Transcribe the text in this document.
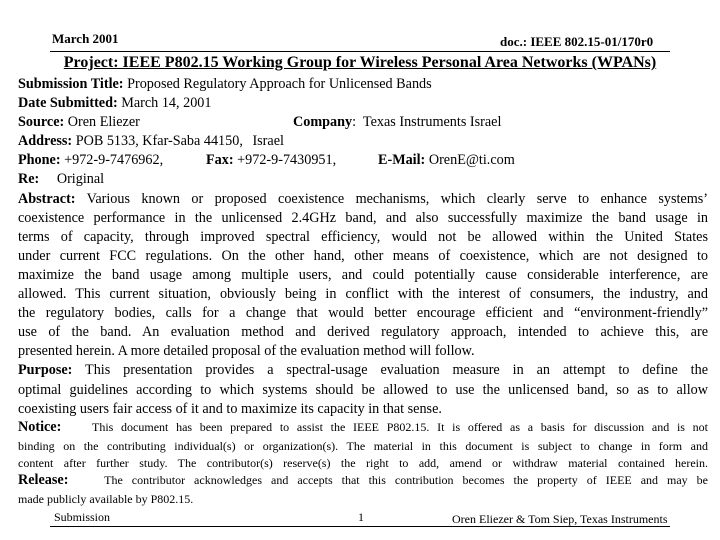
March 2001	doc.: IEEE 802.15-01/170r0
Project: IEEE P802.15 Working Group for Wireless Personal Area Networks (WPANs)
Submission Title: Proposed Regulatory Approach for Unlicensed Bands
Date Submitted: March 14, 2001
Source: Oren Eliezer	Company:  Texas Instruments Israel
Address: POB 5133, Kfar-Saba 44150, Israel
Phone: +972-9-7476962,	Fax: +972-9-7430951,	E-Mail: OrenE@ti.com
Re: Original
Abstract: Various known or proposed coexistence mechanisms, which clearly serve to enhance systems’
coexistence performance in the unlicensed 2.4GHz band, and also successfully maximize the band usage in
terms of capacity, through improved spectral efficiency, would not be allowed within the United States
under current FCC regulations. On the other hand, other means of coexistence, which are not designed to
maximize the band usage among multiple users, and could potentially cause considerable interference, are
allowed. This current situation, obviously being in conflict with the interest of consumers, the industry, and
the regulatory bodies, calls for a change that would better encourage efficient and “environment-friendly”
use of the band. An evaluation method and derived regulatory approach, intended to achieve this, are
presented herein. A more detailed proposal of the evaluation method will follow.
Purpose: This presentation provides a spectral-usage evaluation measure in an attempt to define the
optimal guidelines according to which systems should be allowed to use the unlicensed band, so as to allow
coexisting users fair access of it and to maximize its capacity in that sense.
Notice:	This document has been prepared to assist the IEEE P802.15. It is offered as a basis for discussion and is not
binding on the contributing individual(s) or organization(s). The material in this document is subject to change in form and
content after further study. The contributor(s) reserve(s) the right to add, amend or withdraw material contained herein.
Release:	The contributor acknowledges and accepts that this contribution becomes the property of IEEE and may be
made publicly available by P802.15.
Submission	1	Oren Eliezer & Tom Siep, Texas Instruments
